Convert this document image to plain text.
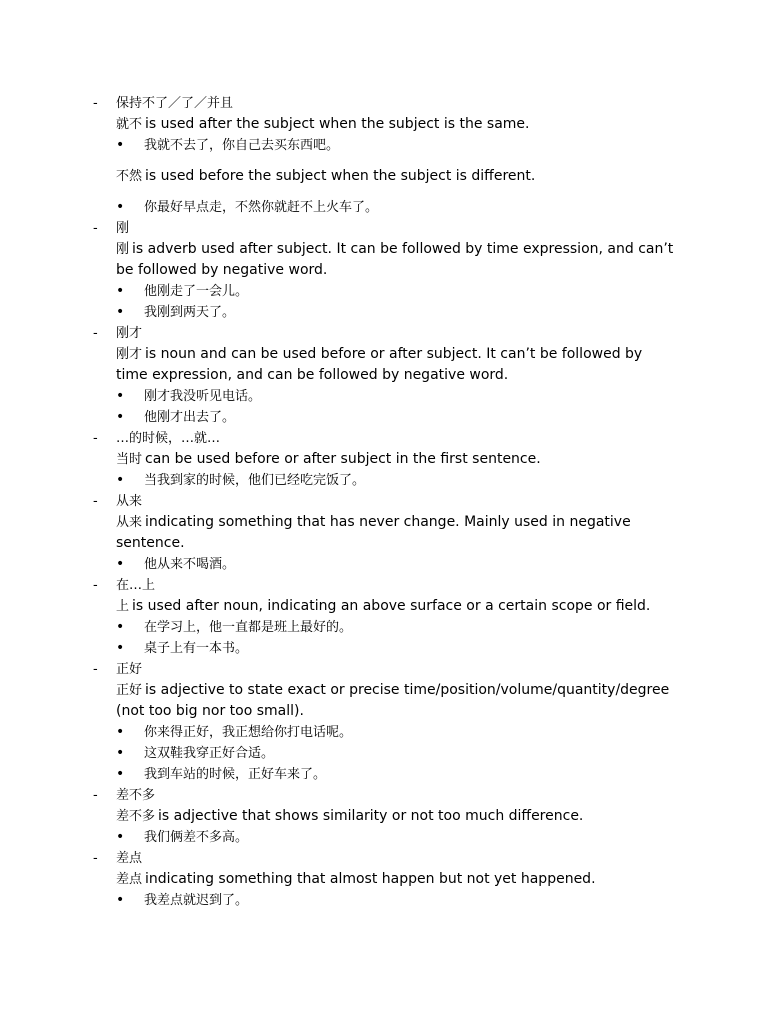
-	保持不了／了／并且
就不 is used after the subject when the subject is the same.
•	我就不去了，你自己去买东西吧。
不然 is used before the subject when the subject is different.
•	你最好早点走，不然你就赶不上火车了。
-	刚
刚 is adverb used after subject. It can be followed by time expression, and can’t be followed by negative word.
•	他刚走了一会儿。
•	我刚到两天了。
-	刚才
刚才 is noun and can be used before or after subject. It can’t be followed by time expression, and can be followed by negative word.
•	刚才我没听见电话。
•	他刚才出去了。
-	…的时候，…就…
当时 can be used before or after subject in the first sentence.
•	当我到家的时候，他们已经吃完饭了。
-	从来
从来 indicating something that has never change. Mainly used in negative sentence.
•	他从来不喝酒。
-	在…上
上 is used after noun, indicating an above surface or a certain scope or field.
•	在学习上，他一直都是班上最好的。
•	桌子上有一本书。
-	正好
正好 is adjective to state exact or precise time/position/volume/quantity/degree (not too big nor too small).
•	你来得正好，我正想给你打电话呢。
•	这双鞋我穿正好合适。
•	我到车站的时候，正好车来了。
-	差不多
差不多 is adjective that shows similarity or not too much difference.
•	我们俩差不多高。
-	差点
差点 indicating something that almost happen but not yet happened.
•	我差点就迟到了。
